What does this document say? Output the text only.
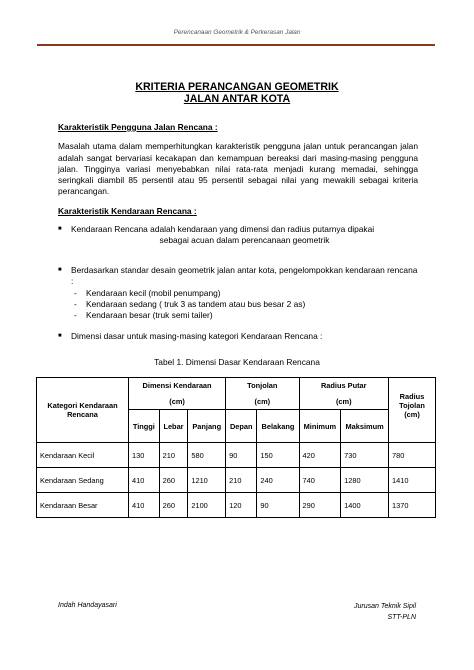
Perencanaan Geometrik & Perkerasan Jalan
KRITERIA PERANCANGAN GEOMETRIK
JALAN ANTAR KOTA
Karakteristik Pengguna Jalan Rencana :
Masalah utama dalam memperhitungkan karakteristik pengguna jalan untuk perancangan jalan adalah sangat bervariasi kecakapan dan kemampuan bereaksi dari masing-masing pengguna jalan. Tingginya variasi menyebabkan nilai rata-rata menjadi kurang memadai, sehingga seringkali diambil 85 persentil atau 95 persentil sebagai nilai yang mewakili sebagai kriteria perancangan.
Karakteristik Kendaraan Rencana :
■ Kendaraan Rencana adalah kendaraan yang dimensi dan radius putarnya dipakai
sebagai acuan dalam perencanaan geometrik
■ Berdasarkan standar desain geometrik jalan antar kota, pengelompokkan kendaraan rencana :
- Kendaraan kecil (mobil penumpang)
- Kendaraan sedang ( truk 3 as tandem atau bus besar 2 as)
- Kendaraan besar (truk semi tailer)
■ Dimensi dasar untuk masing-masing kategori Kendaraan Rencana :
Tabel 1. Dimensi Dasar Kendaraan Rencana
Kategori Kendaraan Rencana	Dimensi Kendaraan			Tonjolan		Radius Putar		Radius Tojolan
	(cm)			(cm)		(cm)		
	Tinggi	Lebar	Panjang	Depan	Belakang	Minimum	Maksimum	(cm)
Kendaraan Kecil	130	210	580	90	150	420	730	780
Kendaraan Sedang	410	260	1210	210	240	740	1280	1410
Kendaraan Besar	410	260	2100	120	90	290	1400	1370
Indah Handayasari	Jurusan Teknik Sipil
STT-PLN
